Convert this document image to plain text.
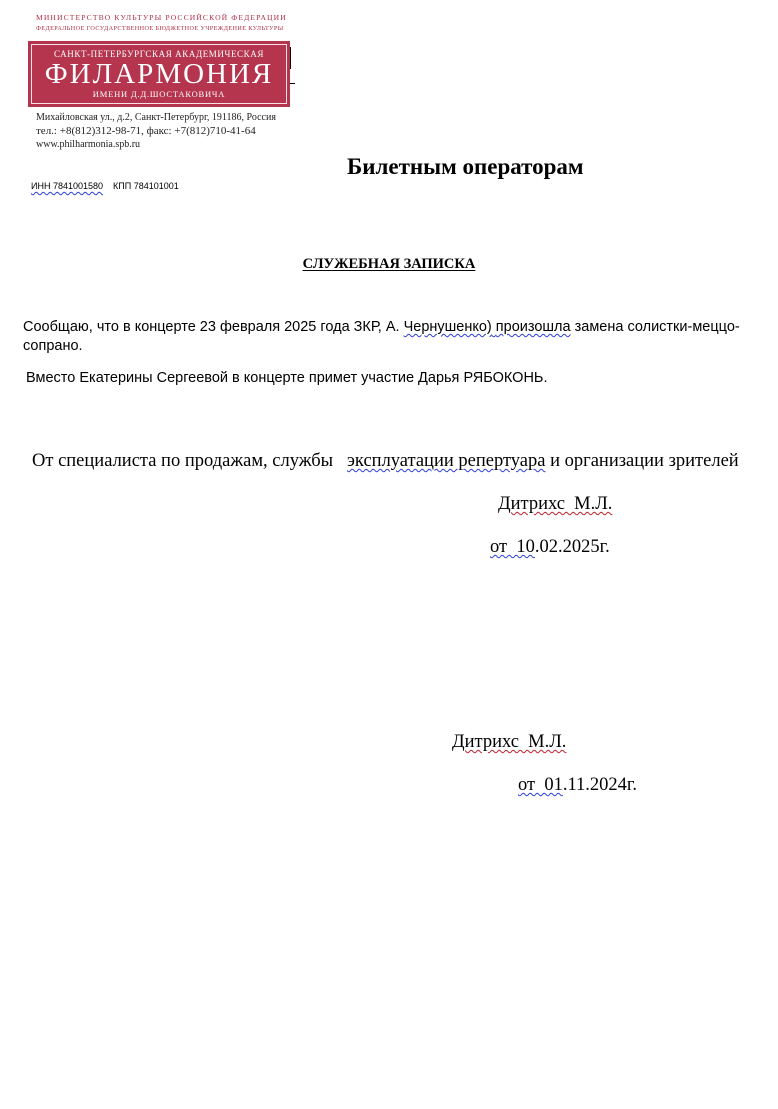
МИНИСТЕРСТВО КУЛЬТУРЫ РОССИЙСКОЙ ФЕДЕРАЦИИ
ФЕДЕРАЛЬНОЕ ГОСУДАРСТВЕННОЕ БЮДЖЕТНОЕ УЧРЕЖДЕНИЕ КУЛЬТУРЫ
САНКТ-ПЕТЕРБУРГСКАЯ АКАДЕМИЧЕСКАЯ
ФИЛАРМОНИЯ
ИМЕНИ Д.Д.ШОСТАКОВИЧА
Михайловская ул., д.2, Санкт-Петербург, 191186, Россия
тел.: +8(812)312-98-71, факс: +7(812)710-41-64
www.philharmonia.spb.ru
ИНН 7841001580 КПП 784101001
Билетным операторам
СЛУЖЕБНАЯ ЗАПИСКА
Сообщаю, что в концерте 23 февраля 2025 года ЗКР, А. Чернушенко) произошла замена солистки-меццо-сопрано.
Вместо Екатерины Сергеевой в концерте примет участие Дарья РЯБОКОНЬ.
От специалиста по продажам, службы   эксплуатации репертуара и организации зрителей
Дитрихс  М.Л.
от  10.02.2025г.
Дитрихс  М.Л.
от  01.11.2024г.
